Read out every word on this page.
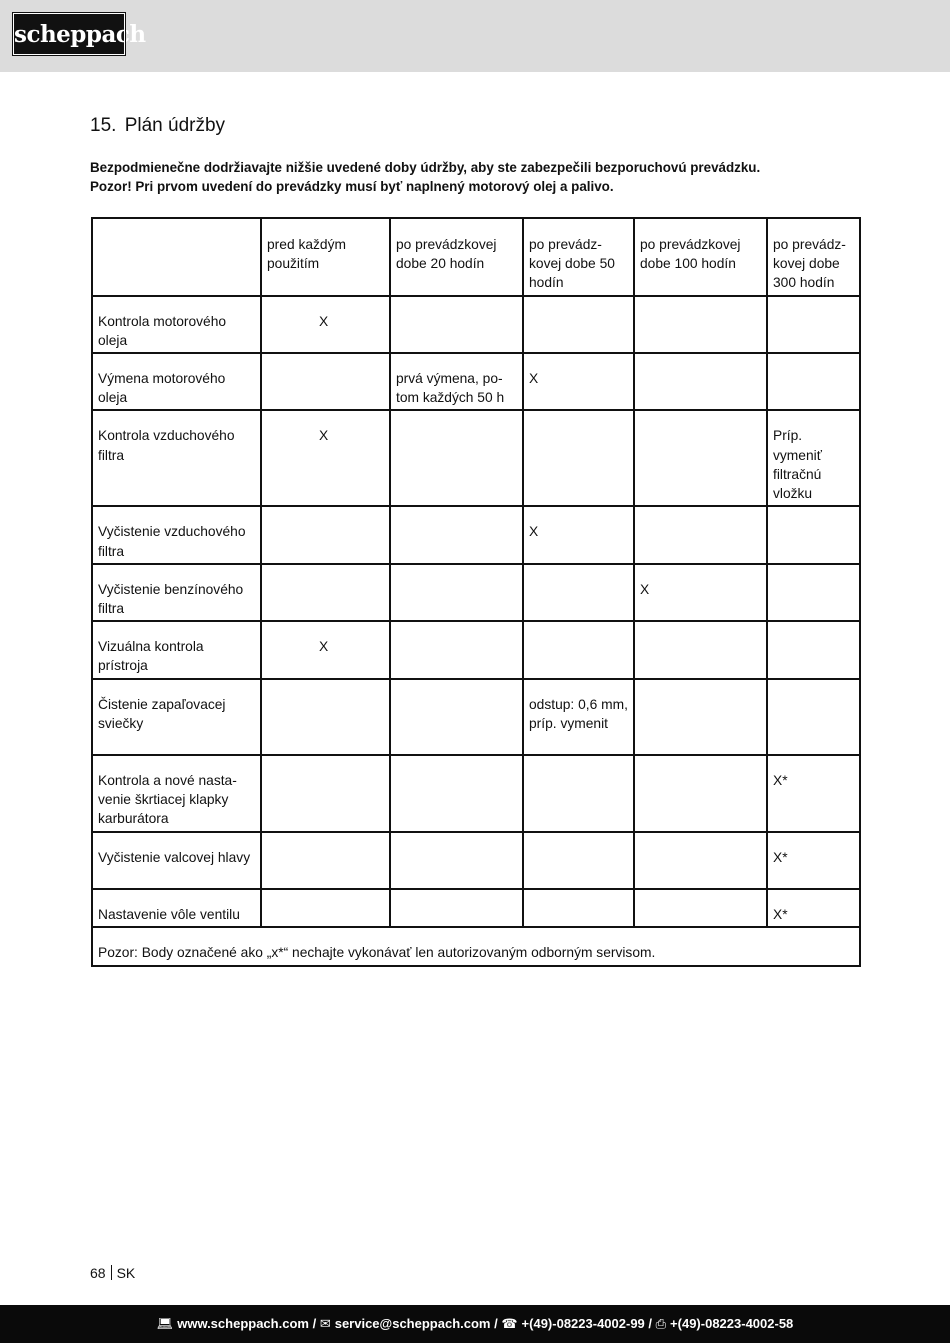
scheppach
15. Plán údržby
Bezpodmienečne dodržiavajte nižšie uvedené doby údržby, aby ste zabezpečili bezporuchovú prevádzku.
Pozor! Pri prvom uvedení do prevádzky musí byť naplnený motorový olej a palivo.
	pred každým použitím	po prevádzkovej dobe 20 hodín	po prevádz-kovej dobe 50 hodín	po prevádzkovej dobe 100 hodín	po prevádz-kovej dobe 300 hodín
Kontrola motorového oleja	X				
Výmena motorového oleja		prvá výmena, po-tom každých 50 h	X		
Kontrola vzduchového filtra	X				Príp. vymeniť filtračnú vložku
Vyčistenie vzduchového filtra			X		
Vyčistenie benzínového filtra				X	
Vizuálna kontrola prístroja	X				
Čistenie zapaľovacej sviečky			odstup: 0,6 mm, príp. vymenit		
Kontrola a nové nasta-venie škrtiacej klapky karburátora					X*
Vyčistenie valcovej hlavy					X*
Nastavenie vôle ventilu					X*
Pozor: Body označené ako „x*“ nechajte vykonávať len autorizovaným odborným servisom.					
68 SK
💻︎ www.scheppach.com / ✉ service@scheppach.com / ☎ +(49)-08223-4002-99 / ⎙ +(49)-08223-4002-58
